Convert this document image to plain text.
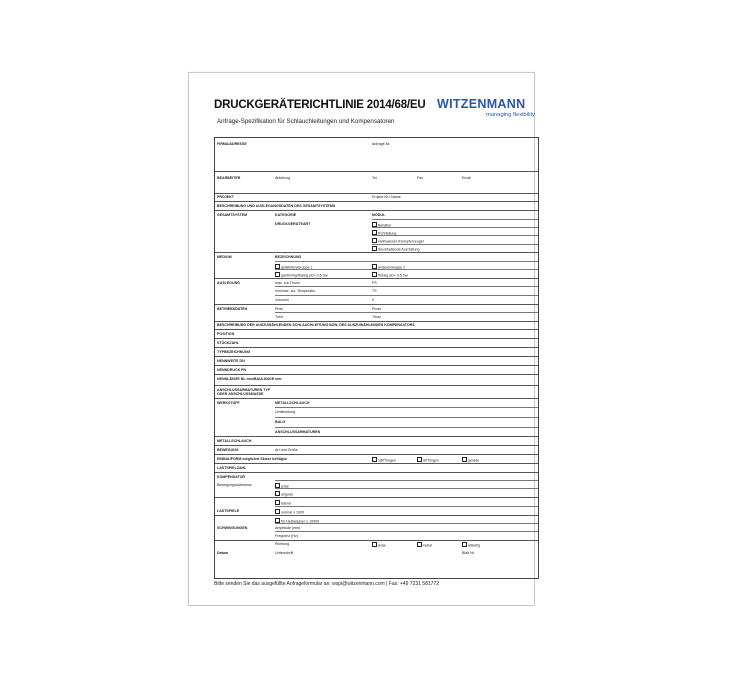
DRUCKGERÄTERICHTLINIE 2014/68/EU
Anfrage-Spezifikation für Schlauchleitungen und Kompensatoren
WITZENMANN
managing flexibility
FIRMA/ADRESSE	Anfrage-Nr.
BEARBEITER	Abteilung	Tel.	Fax	Email
PROJEKT	Projekt-Nr./-Name
BESCHREIBUNG UND AUSLEGUNGSDATEN DES GESAMTSYSTEMS
GESAMTSYSTEM	KATEGORIE	MODUL
DRUCKGERÄTEART	Behälter
Rohrleitung
Heißwasser-/Dampferzeuger
druckhaltende Ausrüstung
MEDIUM	BEZEICHNUNG
gefährlich/Gruppe 1	andere/Gruppe 2
gasförmig/flüssig pD> 0,5 bar	flüssig pD< 0,5 bar
AUSLEGUNG	max. zul. Druck	PS
min/max. zul. Temperatur	TS
Volumen	V
BETRIEBSDATEN	Pmin	Pmax
Tmin	Tmax
BESCHREIBUNG DER AUSZUWÄHLENDEN SCHLAUCHLEITUNG BZW. DES AUSZUWÄHLENDEN KOMPENSATORS
POSITION
STÜCKZAHL
TYPBEZEICHNUNG
NENNWEITE DN
NENNDRUCK PN
NENNLÄNGE NL mm/BAULÄNGE mm
ANSCHLUSSARMATUREN TYP
ODER ANSCHLUSSMASSE
WERKSTOFF	METALLSCHLAUCH
Umflechtung
BALG
ANSCHLUSSARMATUREN
METALLSCHLAUCH
BEWEGUNG	Art und Größe
EINBAUFORM möglichst Skizze beifügen	180°Bogen	90°Bogen	gerade
LASTSPIELZAHL
KOMPENSATOR
Bewegungsaufnahme	axial
angular
lateral
LASTSPIELE	normal ≥ 1000
für Heißwasser ≥ 10000
SCHWINGUNGEN	Amplitude (mm)
Frequenz (Hz)
Richtung	axial	radial	allseitig
Datum	Unterschrift	Blatt Nr.
Bitte senden Sie das ausgefüllte Anfrageformular an: wspi@witzenmann.com | Fax: +49 7231 581772
